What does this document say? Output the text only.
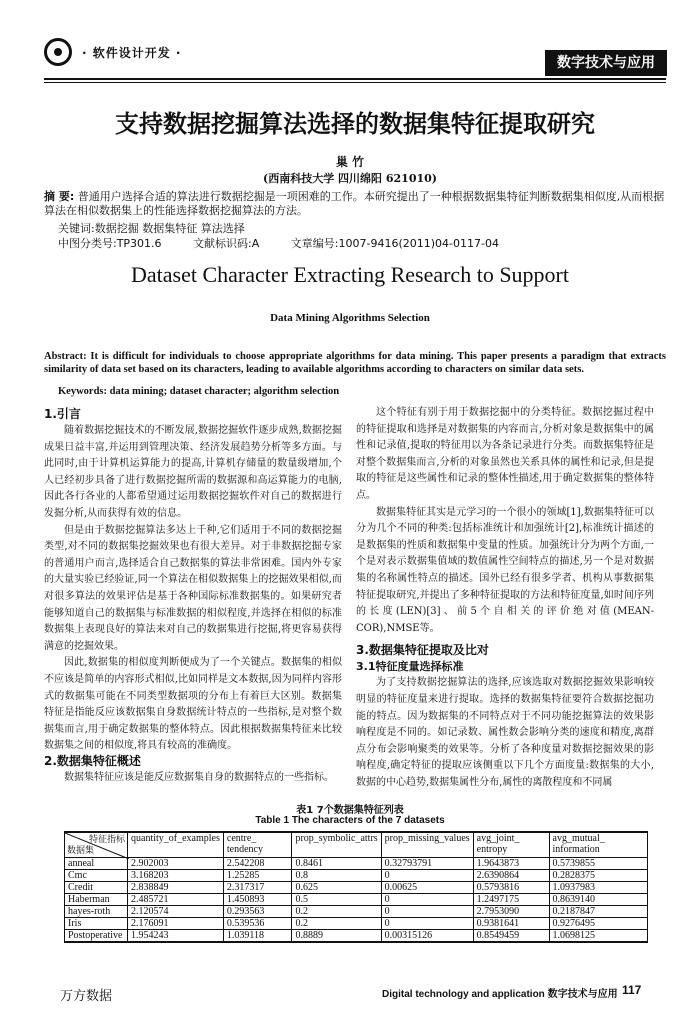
· 软件设计开发 ·
数字技术与应用
支持数据挖掘算法选择的数据集特征提取研究
巢 竹
(西南科技大学 四川绵阳 621010)
摘 要: 普通用户选择合适的算法进行数据挖掘是一项困难的工作。本研究提出了一种根据数据集特征判断数据集相似度,从而根据算法在相似数据集上的性能选择数据挖掘算法的方法。
关键词:数据挖掘 数据集特征 算法选择
中图分类号:TP301.6	文献标识码:A	文章编号:1007-9416(2011)04-0117-04
Dataset Character Extracting Research to Support
Data Mining Algorithms Selection
Abstract: It is difficult for individuals to choose appropriate algorithms for data mining. This paper presents a paradigm that extracts similarity of data set based on its characters, leading to available algorithms according to characters on similar data sets.
Keywords: data mining; dataset character; algorithm selection
1.引言

随着数据挖掘技术的不断发展,数据挖掘软件逐步成熟,数据挖掘成果日益丰富,并运用到管理决策、经济发展趋势分析等多方面。与此同时,由于计算机运算能力的提高,计算机存储量的数量级增加,个人已经初步具备了进行数据挖掘所需的数据源和高运算能力的电脑,因此各行各业的人都希望通过运用数据挖掘软件对自己的数据进行发掘分析,从而获得有效的信息。

但是由于数据挖掘算法多达上千种,它们适用于不同的数据挖掘类型,对不同的数据集挖掘效果也有很大差异。对于非数据挖掘专家的普通用户而言,选择适合自己数据集的算法非常困难。国内外专家的大量实验已经验证,同一个算法在相似数据集上的挖掘效果相似,而对很多算法的效果评估是基于各种国际标准数据集的。如果研究者能够知道自己的数据集与标准数据的相似程度,并选择在相似的标准数据集上表现良好的算法来对自己的数据集进行挖掘,将更容易获得满意的挖掘效果。

因此,数据集的相似度判断便成为了一个关键点。数据集的相似不应该是简单的内容形式相似,比如同样是文本数据,因为同样内容形式的数据集可能在不同类型数据项的分布上有着巨大区别。数据集特征是指能反应该数据集自身数据统计特点的一些指标,是对整个数据集而言,用于确定数据集的整体特点。因此根据数据集特征来比较数据集之间的相似度,将具有较高的准确度。

2.数据集特征概述

数据集特征应该是能反应数据集自身的数据特点的一些指标。

这个特征有别于用于数据挖掘中的分类特征。数据挖掘过程中的特征提取和选择是对数据集的内容而言,分析对象是数据集中的属性和记录值,提取的特征用以为各条记录进行分类。而数据集特征是对整个数据集而言,分析的对象虽然也关系具体的属性和记录,但是提取的特征是这些属性和记录的整体性描述,用于确定数据集的整体特点。

数据集特征其实是元学习的一个很小的领域[1],数据集特征可以分为几个不同的种类:包括标准统计和加强统计[2],标准统计描述的是数据集的性质和数据集中变量的性质。加强统计分为两个方面,一个是对表示数据集值域的数值属性空间特点的描述,另一个是对数据集的名称属性特点的描述。国外已经有很多学者、机构从事数据集特征提取研究,并提出了多种特征提取的方法和特征度量,如时间序列的长度(LEN)[3]、前5个自相关的评价绝对值(MEAN-COR),NMSE等。

3.数据集特征提取及比对
3.1特征度量选择标准

为了支持数据挖掘算法的选择,应该选取对数据挖掘效果影响较明显的特征度量来进行提取。选择的数据集特征要符合数据挖掘功能的特点。因为数据集的不同特点对于不同功能挖掘算法的效果影响程度是不同的。如记录数、属性数会影响分类的速度和精度,离群点分布会影响聚类的效果等。分析了各种度量对数据挖掘效果的影响程度,确定特征的提取应该侧重以下几个方面度量:数据集的大小,数据的中心趋势,数据集属性分布,属性的离散程度和不同属

表1 7个数据集特征列表
Table 1 The characters of the 7 datasets
特征指标
数据集	quantity_of_examples	centre_ tendency	prop_symbolic_attrs	prop_missing_values	avg_joint_ entropy	avg_mutual_ information
anneal	2.902003	2.542208	0.8461	0.32793791	1.9643873	0.5739855
Cmc	3.168203	1.25285	0.8	0	2.6390864	0.2828375
Credit	2.838849	2.317317	0.625	0.00625	0.5793816	1.0937983
Haberman	2.485721	1.450893	0.5	0	1.2497175	0.8639140
hayes-roth	2.120574	0.293563	0.2	0	2.7953090	0.2187847
Iris	2.176091	0.539536	0.2	0	0.9381641	0.9276495
Postoperative	1.954243	1.039118	0.8889	0.00315126	0.8549459	1.0698125
万方数据	Digital technology and application 数字技术与应用 117
